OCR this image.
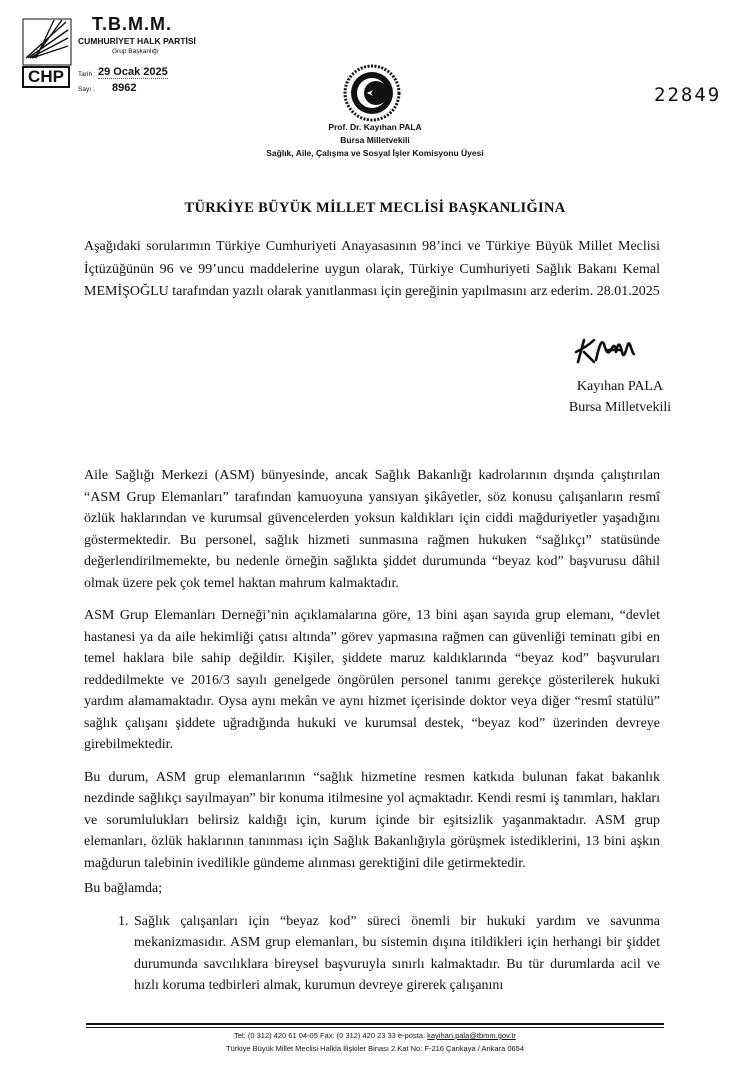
CHP
T.B.M.M.
CUMHURİYET HALK PARTİSİ
Grup Başkanlığı
Tarih : 29 Ocak 2025
Sayı : 8962	22849
Prof. Dr. Kayıhan PALA
Bursa Milletvekili
Sağlık, Aile, Çalışma ve Sosyal İşler Komisyonu Üyesi
TÜRKİYE BÜYÜK MİLLET MECLİSİ BAŞKANLIĞINA

Aşağıdaki sorularımın Türkiye Cumhuriyeti Anayasasının 98’inci ve Türkiye Büyük Millet Meclisi İçtüzüğünün 96 ve 99’uncu maddelerine uygun olarak, Türkiye Cumhuriyeti Sağlık Bakanı Kemal MEMİŞOĞLU tarafından yazılı olarak yanıtlanması için gereğinin yapılmasını arz ederim. 28.01.2025

Kayıhan PALA
Bursa Milletvekili

Aile Sağlığı Merkezi (ASM) bünyesinde, ancak Sağlık Bakanlığı kadrolarının dışında çalıştırılan “ASM Grup Elemanları” tarafından kamuoyuna yansıyan şikâyetler, söz konusu çalışanların resmî özlük haklarından ve kurumsal güvencelerden yoksun kaldıkları için ciddi mağduriyetler yaşadığını göstermektedir. Bu personel, sağlık hizmeti sunmasına rağmen hukuken “sağlıkçı” statüsünde değerlendirilmemekte, bu nedenle örneğin sağlıkta şiddet durumunda “beyaz kod” başvurusu dâhil olmak üzere pek çok temel haktan mahrum kalmaktadır.

ASM Grup Elemanları Derneği’nin açıklamalarına göre, 13 bini aşan sayıda grup elemanı, “devlet hastanesi ya da aile hekimliği çatısı altında” görev yapmasına rağmen can güvenliği teminatı gibi en temel haklara bile sahip değildir. Kişiler, şiddete maruz kaldıklarında “beyaz kod” başvuruları reddedilmekte ve 2016/3 sayılı genelgede öngörülen personel tanımı gerekçe gösterilerek hukuki yardım alamamaktadır. Oysa aynı mekân ve aynı hizmet içerisinde doktor veya diğer “resmî statülü” sağlık çalışanı şiddete uğradığında hukuki ve kurumsal destek, “beyaz kod” üzerinden devreye girebilmektedir.

Bu durum, ASM grup elemanlarının “sağlık hizmetine resmen katkıda bulunan fakat bakanlık nezdinde sağlıkçı sayılmayan” bir konuma itilmesine yol açmaktadır. Kendi resmi iş tanımları, hakları ve sorumlulukları belirsiz kaldığı için, kurum içinde bir eşitsizlik yaşanmaktadır. ASM grup elemanları, özlük haklarının tanınması için Sağlık Bakanlığıyla görüşmek istediklerini, 13 bini aşkın mağdurun talebinin ivedilikle gündeme alınması gerektiğini dile getirmektedir.

Bu bağlamda;

1. Sağlık çalışanları için “beyaz kod” süreci önemli bir hukuki yardım ve savunma mekanizmasıdır. ASM grup elemanları, bu sistemin dışına itildikleri için herhangi bir şiddet durumunda savcılıklara bireysel başvuruyla sınırlı kalmaktadır. Bu tür durumlarda acil ve hızlı koruma tedbirleri almak, kurumun devreye girerek çalışanını
Tel: (0 312) 420 61 04-05 Fax: (0 312) 420 23 33 e-posta: kayihan.pala@tbmm.gov.tr
Türkiye Büyük Millet Meclisi Halkla İlişkiler Binası 2.Kat No: F-216 Çankaya / Ankara 0654
